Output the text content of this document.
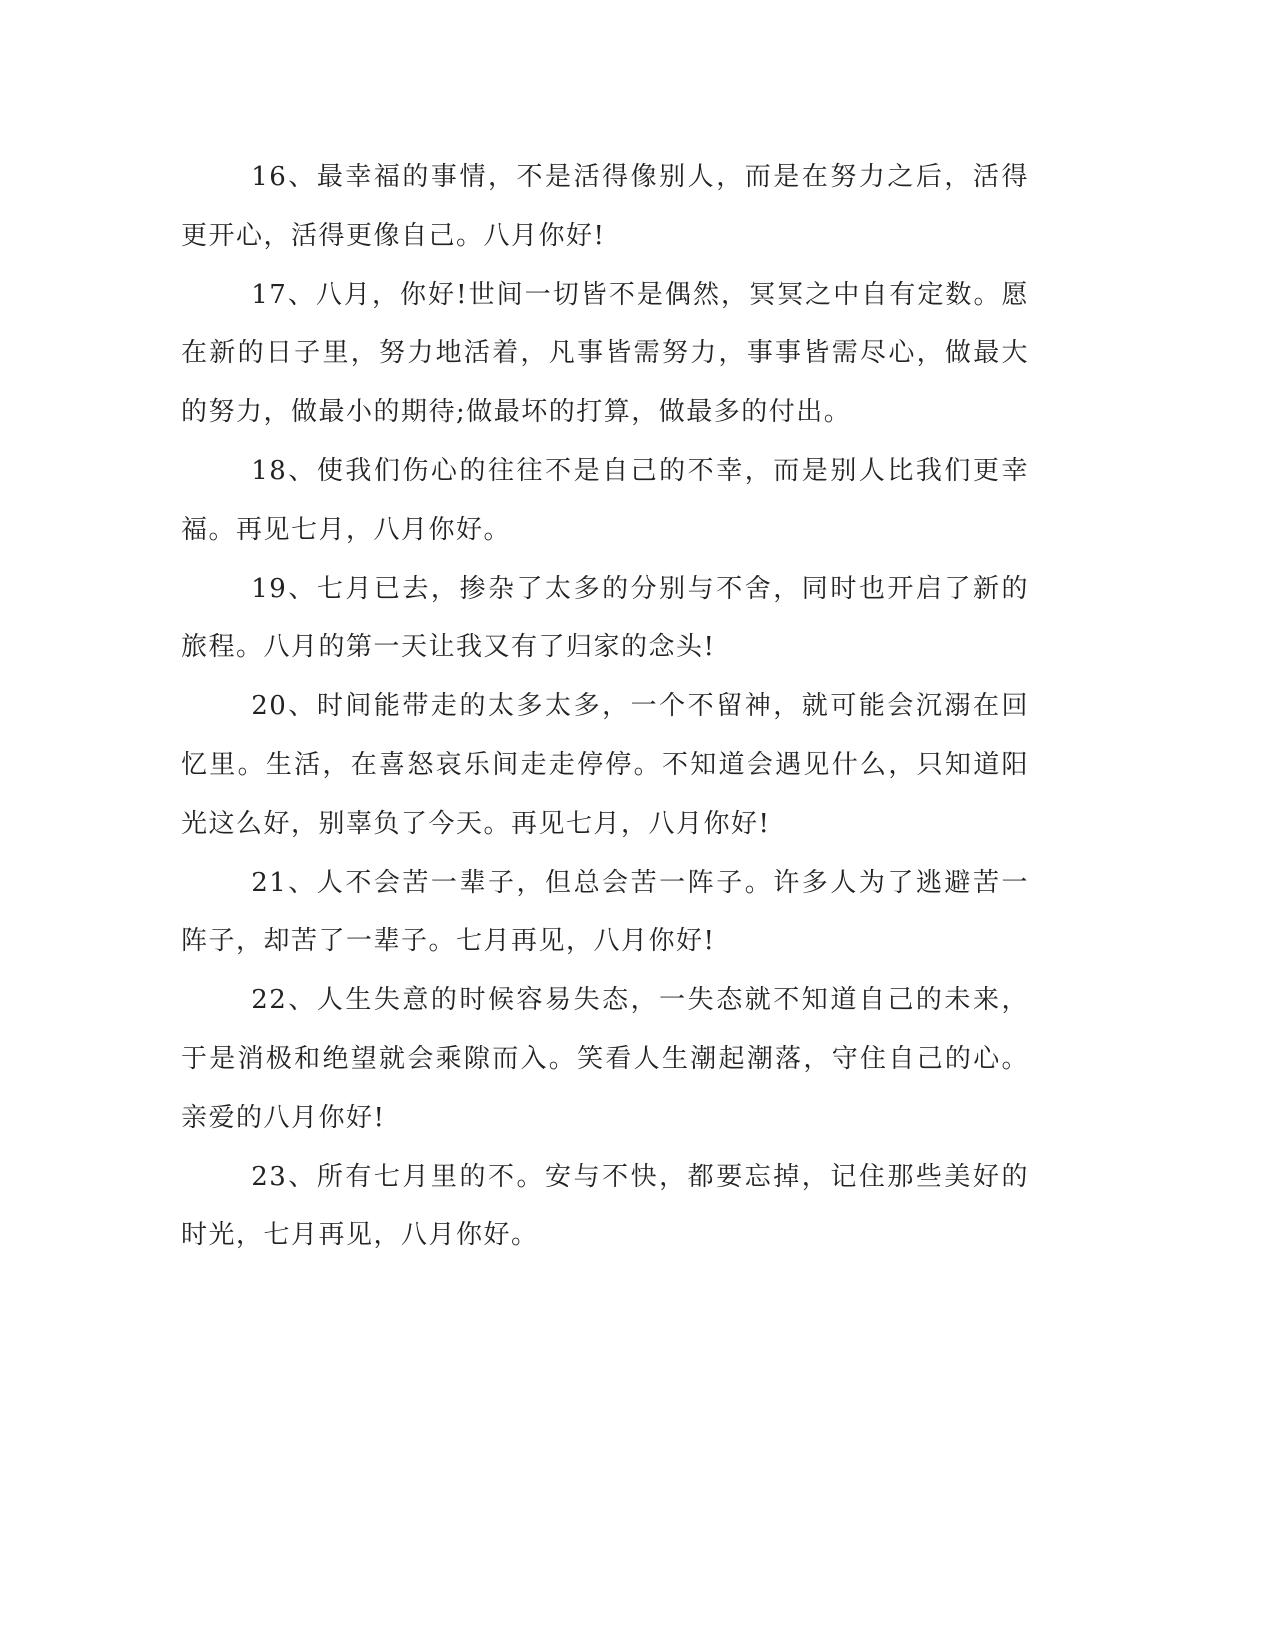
16、最幸福的事情，不是活得像别人，而是在努力之后，活得更开心，活得更像自己。八月你好!

17、八月，你好!世间一切皆不是偶然，冥冥之中自有定数。愿在新的日子里，努力地活着，凡事皆需努力，事事皆需尽心，做最大的努力，做最小的期待;做最坏的打算，做最多的付出。

18、使我们伤心的往往不是自己的不幸，而是别人比我们更幸福。再见七月，八月你好。

19、七月已去，掺杂了太多的分别与不舍，同时也开启了新的旅程。八月的第一天让我又有了归家的念头!

20、时间能带走的太多太多，一个不留神，就可能会沉溺在回忆里。生活，在喜怒哀乐间走走停停。不知道会遇见什么，只知道阳光这么好，别辜负了今天。再见七月，八月你好!

21、人不会苦一辈子，但总会苦一阵子。许多人为了逃避苦一阵子，却苦了一辈子。七月再见，八月你好!

22、人生失意的时候容易失态，一失态就不知道自己的未来，于是消极和绝望就会乘隙而入。笑看人生潮起潮落，守住自己的心。亲爱的八月你好!

23、所有七月里的不。安与不快，都要忘掉，记住那些美好的时光，七月再见，八月你好。
